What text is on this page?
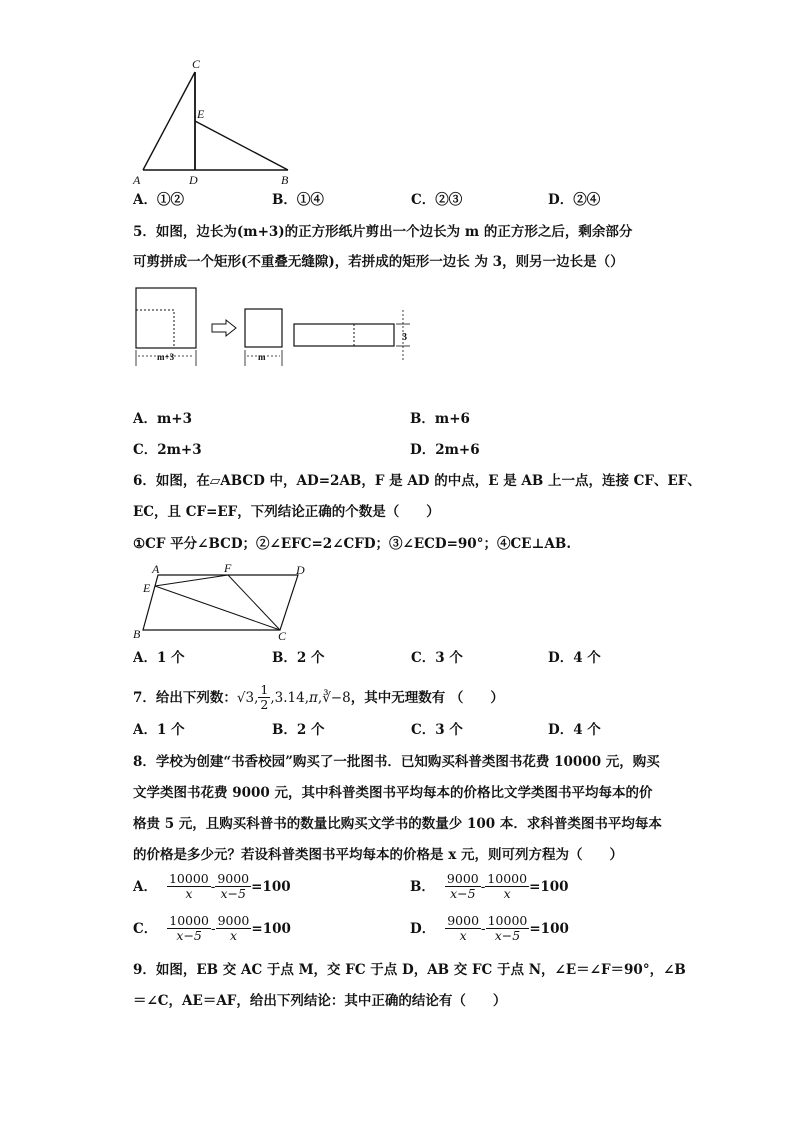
C
E
A	D	B
A．①②	B．①④	C．②③	D．②④
5．如图，边长为(m+3)的正方形纸片剪出一个边长为 m 的正方形之后，剩余部分
可剪拼成一个矩形(不重叠无缝隙)，若拼成的矩形一边长 为 3，则另一边长是（）
m+3	m
3
A．m+3	B．m+6
C．2m+3	D．2m+6
6．如图，在▱ABCD 中，AD=2AB，F 是 AD 的中点，E 是 AB 上一点，连接 CF、EF、
EC，且 CF=EF，下列结论正确的个数是（　　）
①CF 平分∠BCD；②∠EFC=2∠CFD；③∠ECD=90°；④CE⊥AB.
A	F	D
E
B	C
A．1 个	B．2 个	C．3 个	D．4 个
7．给出下列数： √3 , $\frac{1}{2}$ , 3.14 , π , ∛−8 ，其中无理数有 （　　）
A．1 个	B．2 个	C．3 个	D．4 个
8．学校为创建“书香校园”购买了一批图书．已知购买科普类图书花费 10000 元，购买
文学类图书花费 9000 元，其中科普类图书平均每本的价格比文学类图书平均每本的价
格贵 5 元，且购买科普书的数量比购买文学书的数量少 100 本．求科普类图书平均每本
的价格是多少元？若设科普类图书平均每本的价格是 x 元，则可列方程为（　　）
A． $\frac{10000}{x} - \frac{9000}{x-5} =100$	B． $\frac{9000}{x-5} - \frac{10000}{x} =100$
C． $\frac{10000}{x-5} - \frac{9000}{x} =100$	D． $\frac{9000}{x} - \frac{10000}{x-5} =100$
9．如图，EB 交 AC 于点 M，交 FC 于点 D，AB 交 FC 于点 N，∠E＝∠F＝90°，∠B
＝∠C，AE＝AF，给出下列结论：其中正确的结论有（　　）
